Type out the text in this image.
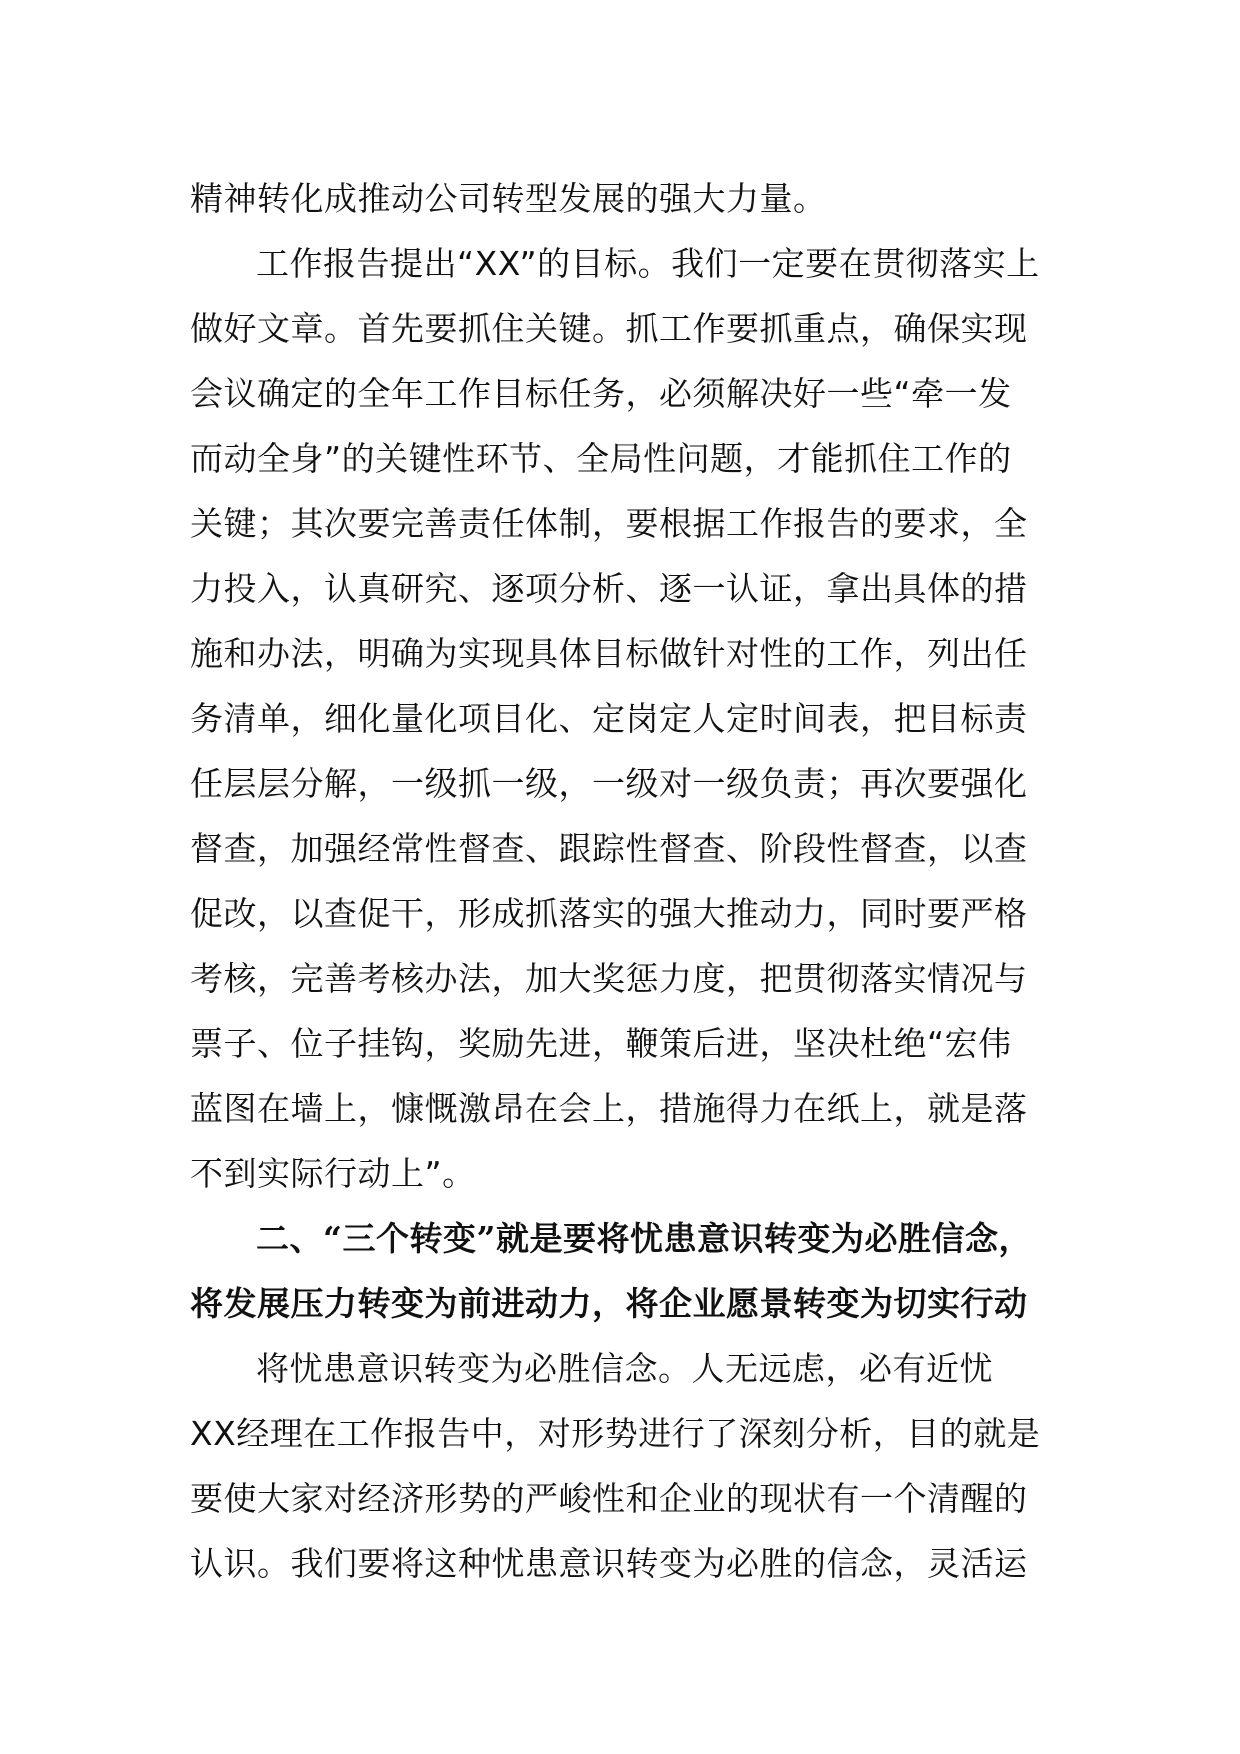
精神转化成推动公司转型发展的强大力量。
工作报告提出“XX”的目标。我们一定要在贯彻落实上
做好文章。首先要抓住关键。抓工作要抓重点，确保实现
会议确定的全年工作目标任务，必须解决好一些“牵一发
而动全身”的关键性环节、全局性问题，才能抓住工作的
关键；其次要完善责任体制，要根据工作报告的要求，全
力投入，认真研究、逐项分析、逐一认证，拿出具体的措
施和办法，明确为实现具体目标做针对性的工作，列出任
务清单，细化量化项目化、定岗定人定时间表，把目标责
任层层分解，一级抓一级，一级对一级负责；再次要强化
督查，加强经常性督查、跟踪性督查、阶段性督查，以查
促改，以查促干，形成抓落实的强大推动力，同时要严格
考核，完善考核办法，加大奖惩力度，把贯彻落实情况与
票子、位子挂钩，奖励先进，鞭策后进，坚决杜绝“宏伟
蓝图在墙上，慷慨激昂在会上，措施得力在纸上，就是落
不到实际行动上”。
二、“三个转变”就是要将忧患意识转变为必胜信念，
将发展压力转变为前进动力，将企业愿景转变为切实行动
将忧患意识转变为必胜信念。人无远虑，必有近忧
XX经理在工作报告中，对形势进行了深刻分析，目的就是
要使大家对经济形势的严峻性和企业的现状有一个清醒的
认识。我们要将这种忧患意识转变为必胜的信念，灵活运
